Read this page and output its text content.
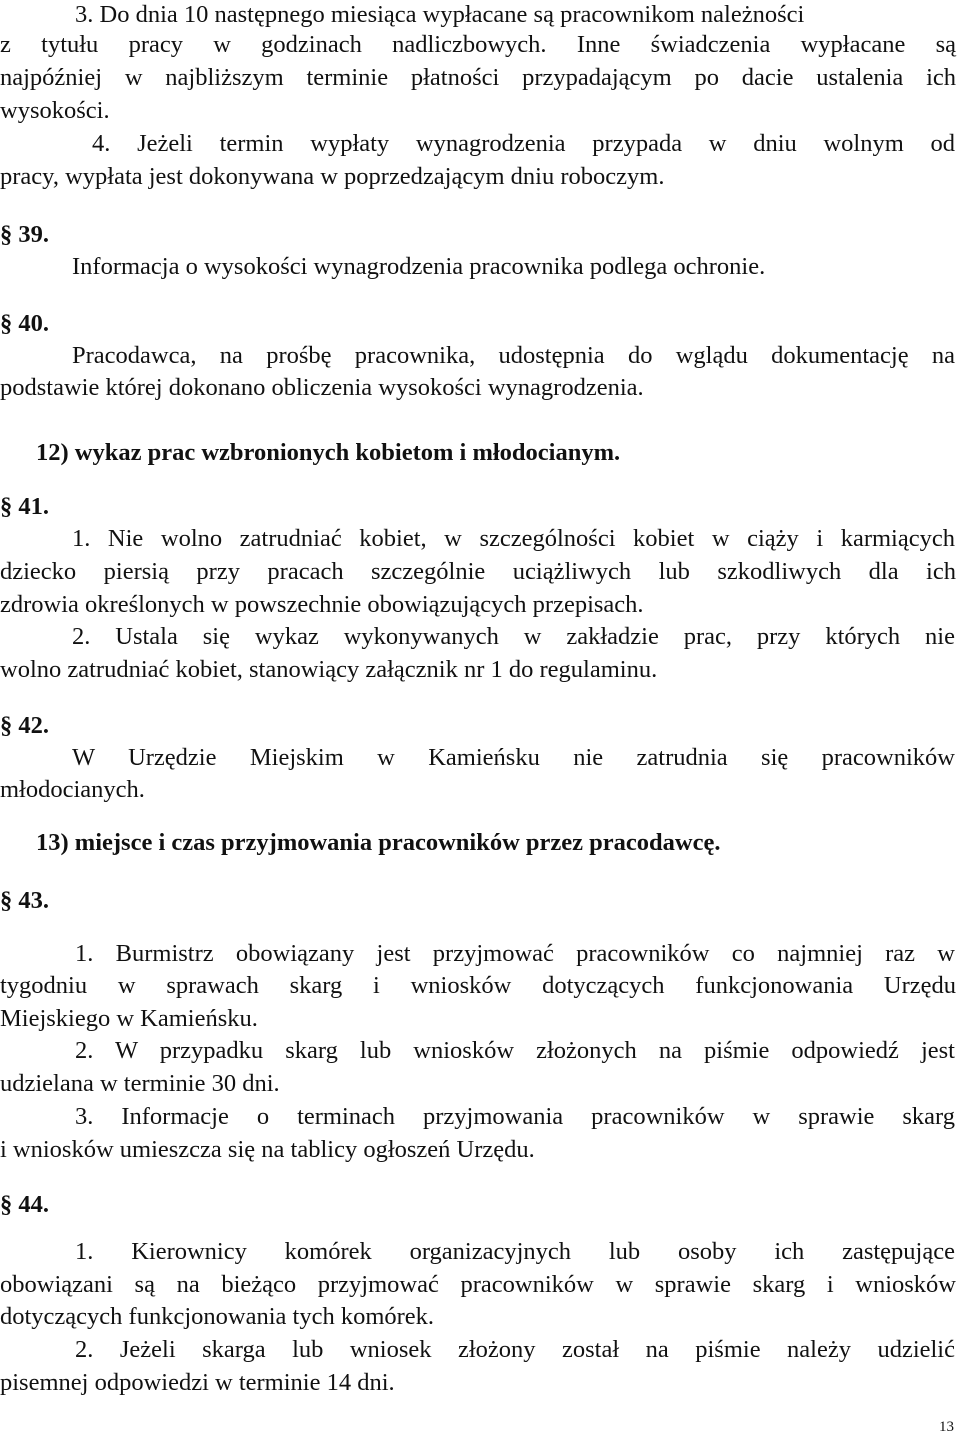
3. Do dnia 10 następnego miesiąca wypłacane są pracownikom należności
z tytułu pracy w godzinach nadliczbowych. Inne świadczenia wypłacane są
najpóźniej w najbliższym terminie płatności przypadającym po dacie ustalenia ich
wysokości.
4. Jeżeli termin wypłaty wynagrodzenia przypada w dniu wolnym od
pracy, wypłata jest dokonywana w poprzedzającym dniu roboczym.
§ 39.
Informacja o wysokości wynagrodzenia pracownika podlega ochronie.
§ 40.
Pracodawca, na prośbę pracownika, udostępnia do wglądu dokumentację na
podstawie której dokonano obliczenia wysokości wynagrodzenia.
12) wykaz prac wzbronionych kobietom i młodocianym.
§ 41.
1. Nie wolno zatrudniać kobiet, w szczególności kobiet w ciąży i karmiących
dziecko piersią przy pracach szczególnie uciążliwych lub szkodliwych dla ich
zdrowia określonych w powszechnie obowiązujących przepisach.
2. Ustala się wykaz wykonywanych w zakładzie prac, przy których nie
wolno zatrudniać kobiet, stanowiący załącznik nr 1 do regulaminu.
§ 42.
W Urzędzie Miejskim w Kamieńsku nie zatrudnia się pracowników
młodocianych.
13) miejsce i czas przyjmowania pracowników przez pracodawcę.
§ 43.
1. Burmistrz obowiązany jest przyjmować pracowników co najmniej raz w
tygodniu w sprawach skarg i wniosków dotyczących funkcjonowania Urzędu
Miejskiego w Kamieńsku.
2. W przypadku skarg lub wniosków złożonych na piśmie odpowiedź jest
udzielana w terminie 30 dni.
3. Informacje o terminach przyjmowania pracowników w sprawie skarg
i wniosków umieszcza się na tablicy ogłoszeń Urzędu.
§ 44.
1. Kierownicy komórek organizacyjnych lub osoby ich zastępujące
obowiązani są na bieżąco przyjmować pracowników w sprawie skarg i wniosków
dotyczących funkcjonowania tych komórek.
2. Jeżeli skarga lub wniosek złożony został na piśmie należy udzielić
pisemnej odpowiedzi w terminie 14 dni.
13
